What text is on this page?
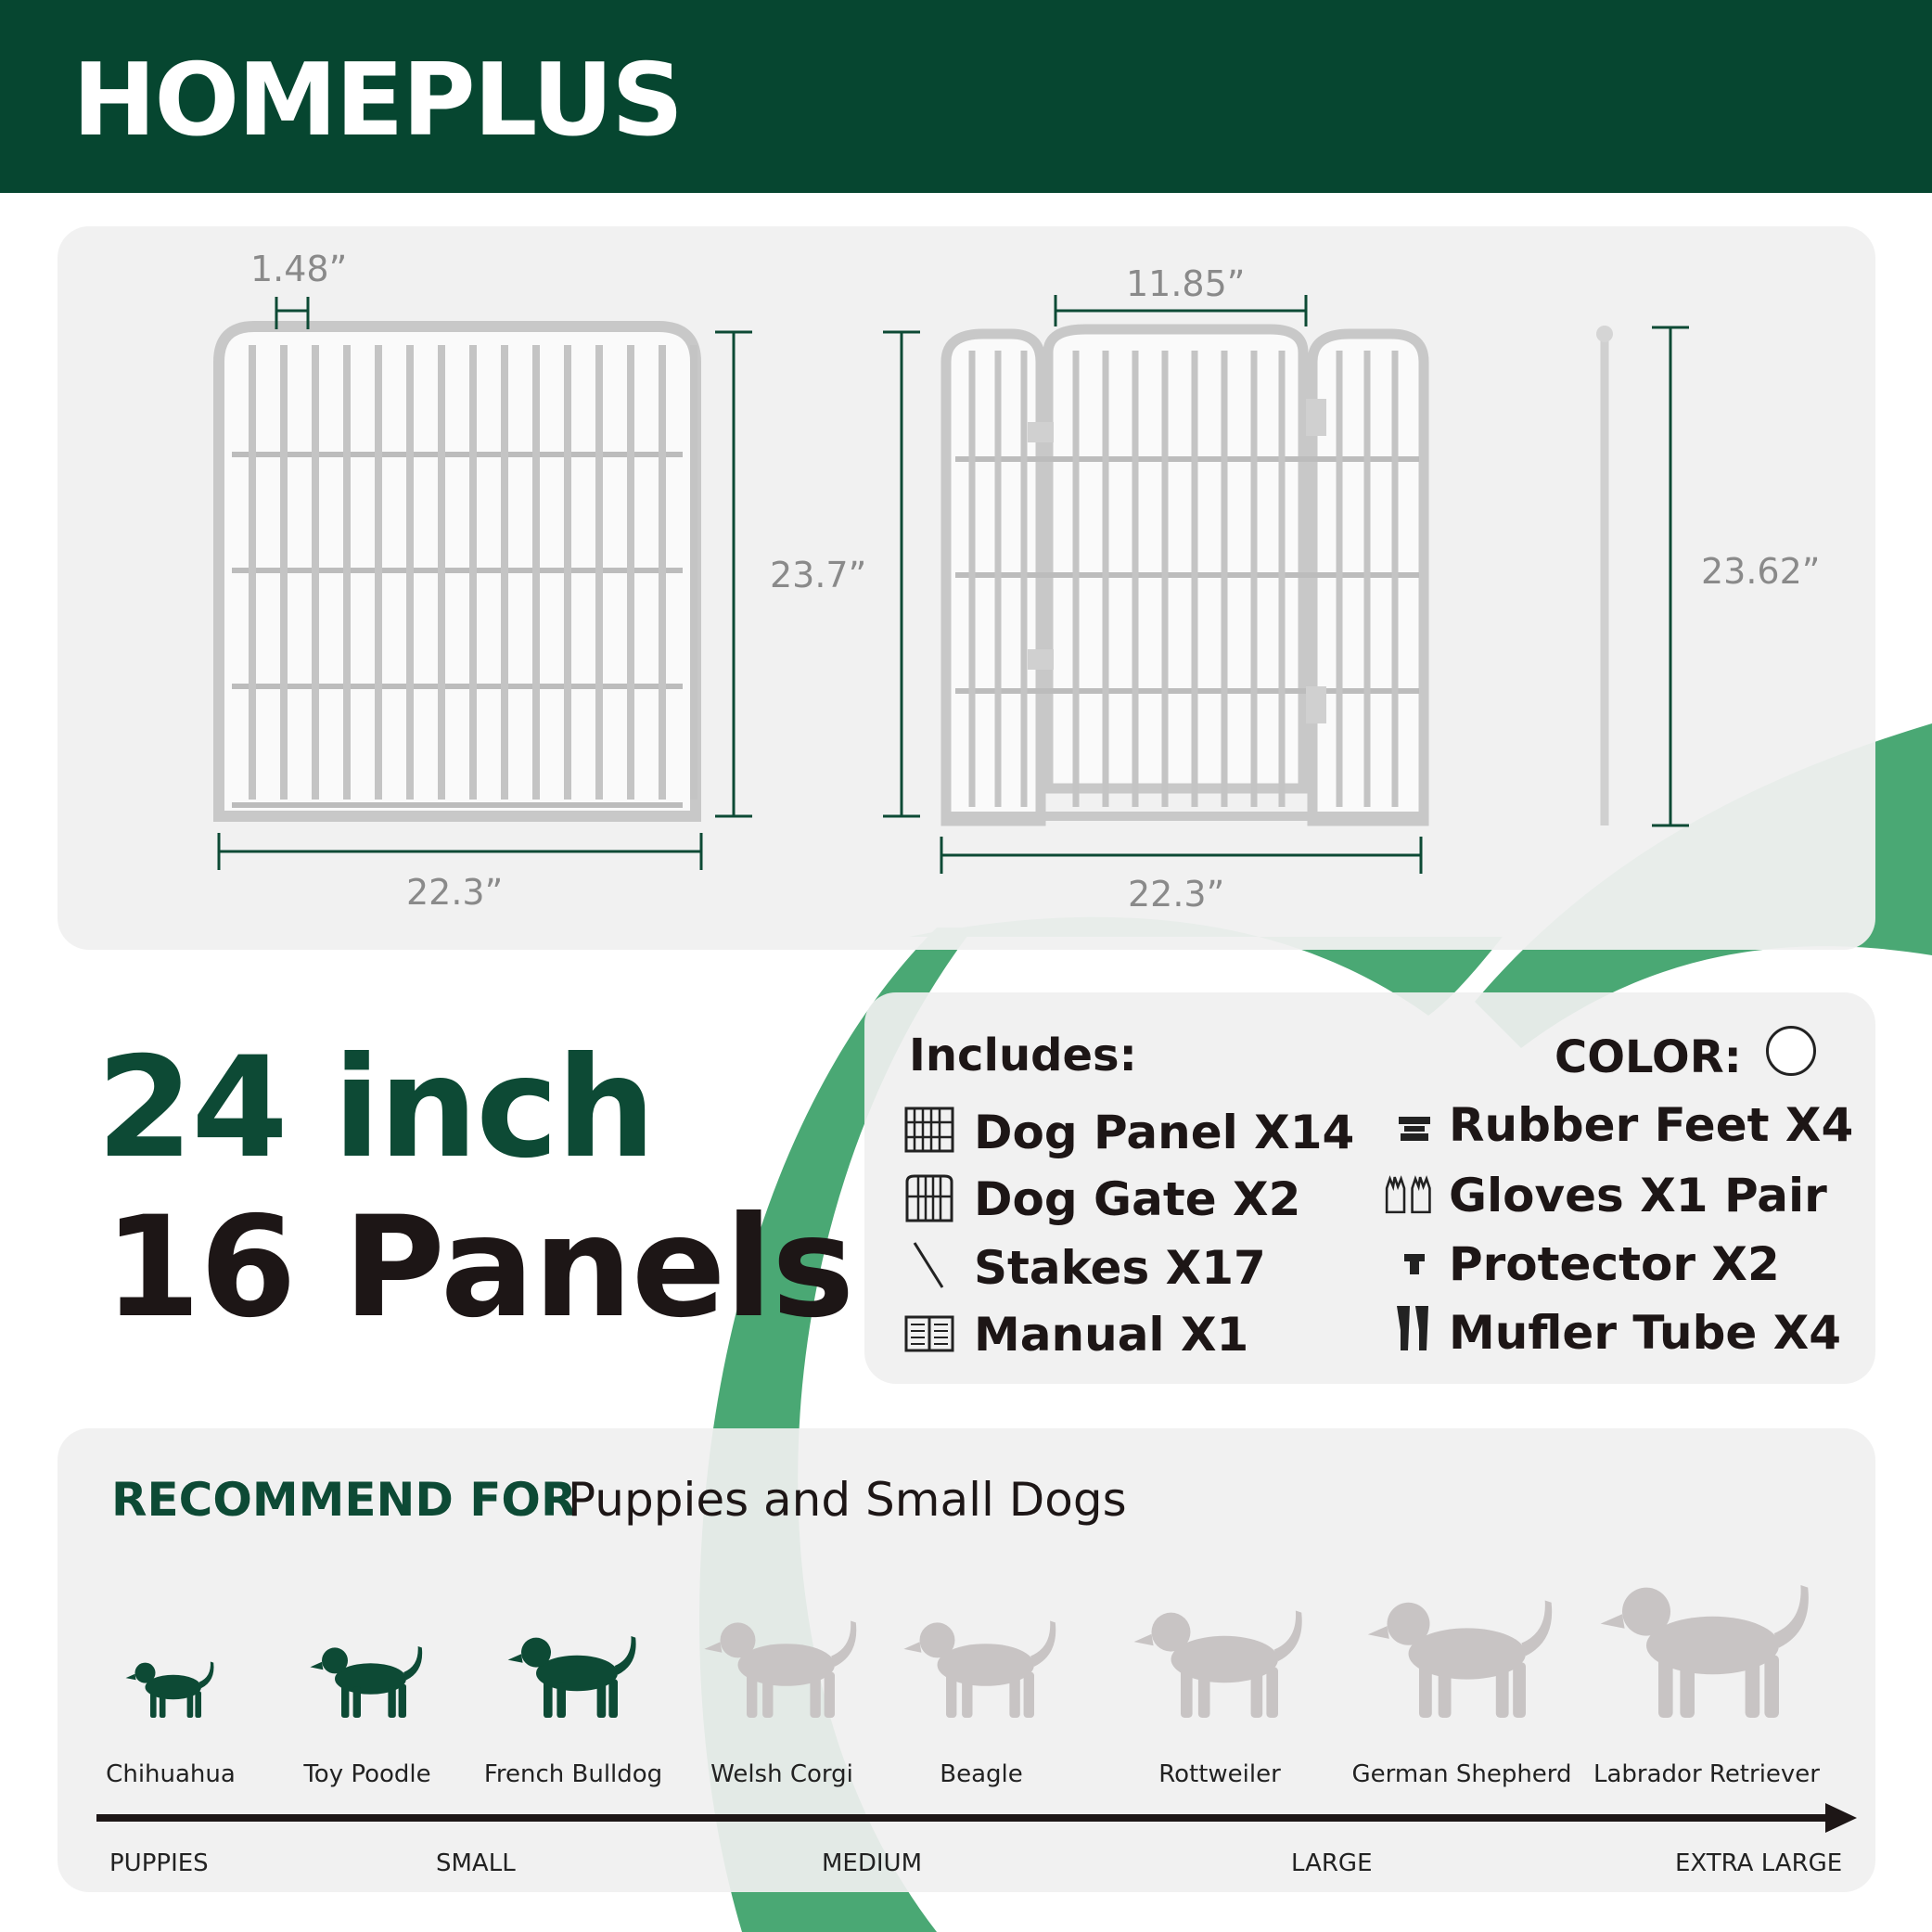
HOMEPLUS
1.48”
23.7”
22.3”
11.85”
22.3”
23.62”
24 inch
16 Panels
Includes:	COLOR:
Dog Panel X14
Dog Gate X2
Stakes X17
Manual X1
Rubber Feet X4
Gloves X1 Pair
Protector X2
Mufler Tube X4
RECOMMEND FOR
Puppies and Small Dogs
Chihuahua	Toy Poodle French Bulldog Welsh Corgi	Beagle	Rottweiler	German Shepherd Labrador Retriever
PUPPIES	SMALL	MEDIUM	LARGE	EXTRA LARGE
